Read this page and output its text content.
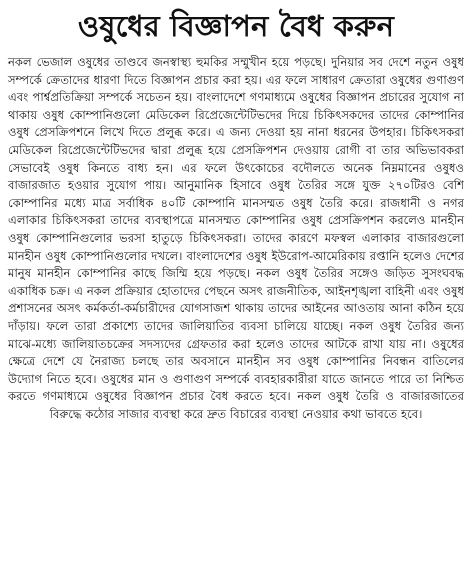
ওষুধের বিজ্ঞাপন বৈধ করুন

নকল ভেজাল ওষুধের তাণ্ডবে জনস্বাস্থ্য হুমকির সম্মুখীন হয়ে পড়ছে। দুনিয়ার সব দেশে নতুন ওষুধ সম্পর্কে ক্রেতাদের ধারণা দিতে বিজ্ঞাপন প্রচার করা হয়। এর ফলে সাধারণ ক্রেতারা ওষুধের গুণাগুণ এবং পার্শ্বপ্রতিক্রিয়া সম্পর্কে সচেতন হয়। বাংলাদেশে গণমাধ্যমে ওষুধের বিজ্ঞাপন প্রচারের সুযোগ না থাকায় ওষুধ কোম্পানিগুলো মেডিকেল রিপ্রেজেন্টেটিভদের দিয়ে চিকিৎসকদের তাদের কোম্পানির ওষুধ প্রেসক্রিপশনে লিখে দিতে প্রলুব্ধ করে। এ জন্য দেওয়া হয় নানা ধরনের উপহার। চিকিৎসকরা মেডিকেল রিপ্রেজেন্টেটিভদের দ্বারা প্রলুব্ধ হয়ে প্রেসক্রিপশন দেওয়ায় রোগী বা তার অভিভাবকরা সেভাবেই ওষুধ কিনতে বাধ্য হন। এর ফলে উৎকোচের বদৌলতে অনেক নিম্নমানের ওষুধও বাজারজাত হওয়ার সুযোগ পায়। আনুমানিক হিসাবে ওষুধ তৈরির সঙ্গে যুক্ত ২৭০টিরও বেশি কোম্পানির মধ্যে মাত্র সর্বাধিক ৪০টি কোম্পানি মানসম্মত ওষুধ তৈরি করে। রাজধানী ও নগর এলাকার চিকিৎসকরা তাদের ব্যবস্থাপত্রে মানসম্মত কোম্পানির ওষুধ প্রেসক্রিপশন করলেও মানহীন ওষুধ কোম্পানিগুলোর ভরসা হাতুড়ে চিকিৎসকরা। তাদের কারণে মফস্বল এলাকার বাজারগুলো মানহীন ওষুধ কোম্পানিগুলোর দখলে। বাংলাদেশের ওষুধ ইউরোপ-আমেরিকায় রপ্তানি হলেও দেশের মানুষ মানহীন কোম্পানির কাছে জিম্মি হয়ে পড়ছে। নকল ওষুধ তৈরির সঙ্গেও জড়িত সুসংঘবদ্ধ একাধিক চক্র। এ নকল প্রক্রিয়ার হোতাদের পেছনে অসৎ রাজনীতিক, আইনশৃঙ্খলা বাহিনী এবং ওষুধ প্রশাসনের অসৎ কর্মকর্তা-কর্মচারীদের যোগসাজশ থাকায় তাদের আইনের আওতায় আনা কঠিন হয়ে দাঁড়ায়। ফলে তারা প্রকাশ্যে তাদের জালিয়াতির ব্যবসা চালিয়ে যাচ্ছে। নকল ওষুধ তৈরির জন্য মাঝে-মধ্যে জালিয়াতচক্রের সদস্যদের গ্রেফতার করা হলেও তাদের আটকে রাখা যায় না। ওষুধের ক্ষেত্রে দেশে যে নৈরাজ্য চলছে তার অবসানে মানহীন সব ওষুধ কোম্পানির নিবন্ধন বাতিলের উদ্যোগ নিতে হবে। ওষুধের মান ও গুণাগুণ সম্পর্কে ব্যবহারকারীরা যাতে জানতে পারে তা নিশ্চিত করতে গণমাধ্যমে ওষুধের বিজ্ঞাপন প্রচার বৈধ করতে হবে। নকল ওষুধ তৈরি ও বাজারজাতের বিরুদ্ধে কঠোর সাজার ব্যবস্থা করে দ্রুত বিচারের ব্যবস্থা নেওয়ার কথা ভাবতে হবে।
